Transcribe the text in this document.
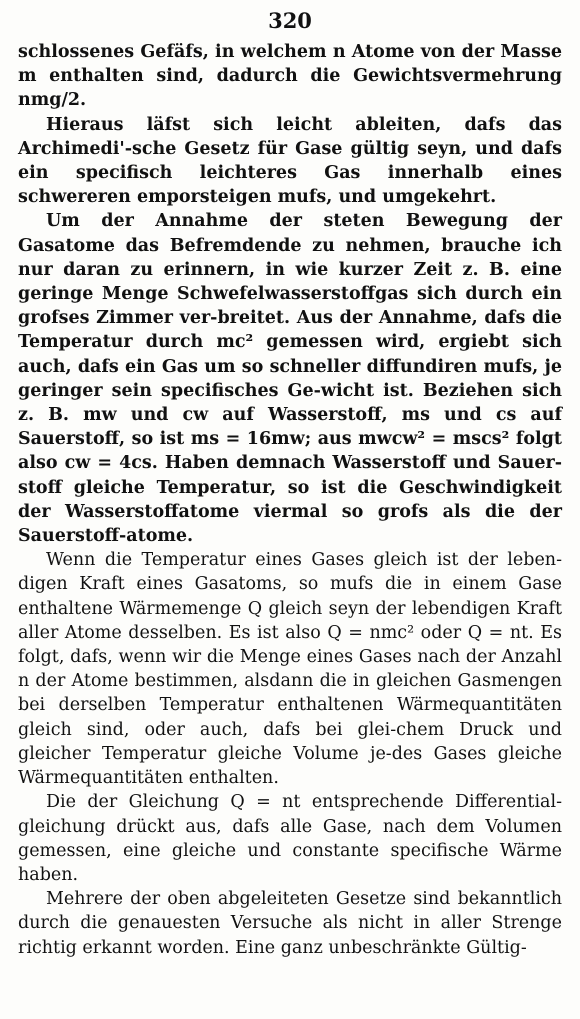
320

schlossenes Gefäfs, in welchem n Atome von der Masse m enthalten sind, dadurch die Gewichtsvermehrung nmg/2.

Hieraus läfst sich leicht ableiten, dafs das Archimedi'-sche Gesetz für Gase gültig seyn, und dafs ein specifisch leichteres Gas innerhalb eines schwereren emporsteigen mufs, und umgekehrt.

Um der Annahme der steten Bewegung der Gasatome das Befremdende zu nehmen, brauche ich nur daran zu erinnern, in wie kurzer Zeit z. B. eine geringe Menge Schwefelwasserstoffgas sich durch ein grofses Zimmer ver-breitet. Aus der Annahme, dafs die Temperatur durch mc² gemessen wird, ergiebt sich auch, dafs ein Gas um so schneller diffundiren mufs, je geringer sein specifisches Ge-wicht ist. Beziehen sich z. B. mw und cw auf Wasserstoff, ms und cs auf Sauerstoff, so ist ms = 16mw; aus mwcw² = mscs² folgt also cw = 4cs. Haben demnach Wasserstoff und Sauer-stoff gleiche Temperatur, so ist die Geschwindigkeit der Wasserstoffatome viermal so grofs als die der Sauerstoff-atome.

Wenn die Temperatur eines Gases gleich ist der leben-digen Kraft eines Gasatoms, so mufs die in einem Gase enthaltene Wärmemenge Q gleich seyn der lebendigen Kraft aller Atome desselben. Es ist also Q = nmc² oder Q = nt. Es folgt, dafs, wenn wir die Menge eines Gases nach der Anzahl n der Atome bestimmen, alsdann die in gleichen Gasmengen bei derselben Temperatur enthaltenen Wärmequantitäten gleich sind, oder auch, dafs bei glei-chem Druck und gleicher Temperatur gleiche Volume je-des Gases gleiche Wärmequantitäten enthalten.

Die der Gleichung Q = nt entsprechende Differential-gleichung drückt aus, dafs alle Gase, nach dem Volumen gemessen, eine gleiche und constante specifische Wärme haben.

Mehrere der oben abgeleiteten Gesetze sind bekanntlich durch die genauesten Versuche als nicht in aller Strenge richtig erkannt worden. Eine ganz unbeschränkte Gültig-
